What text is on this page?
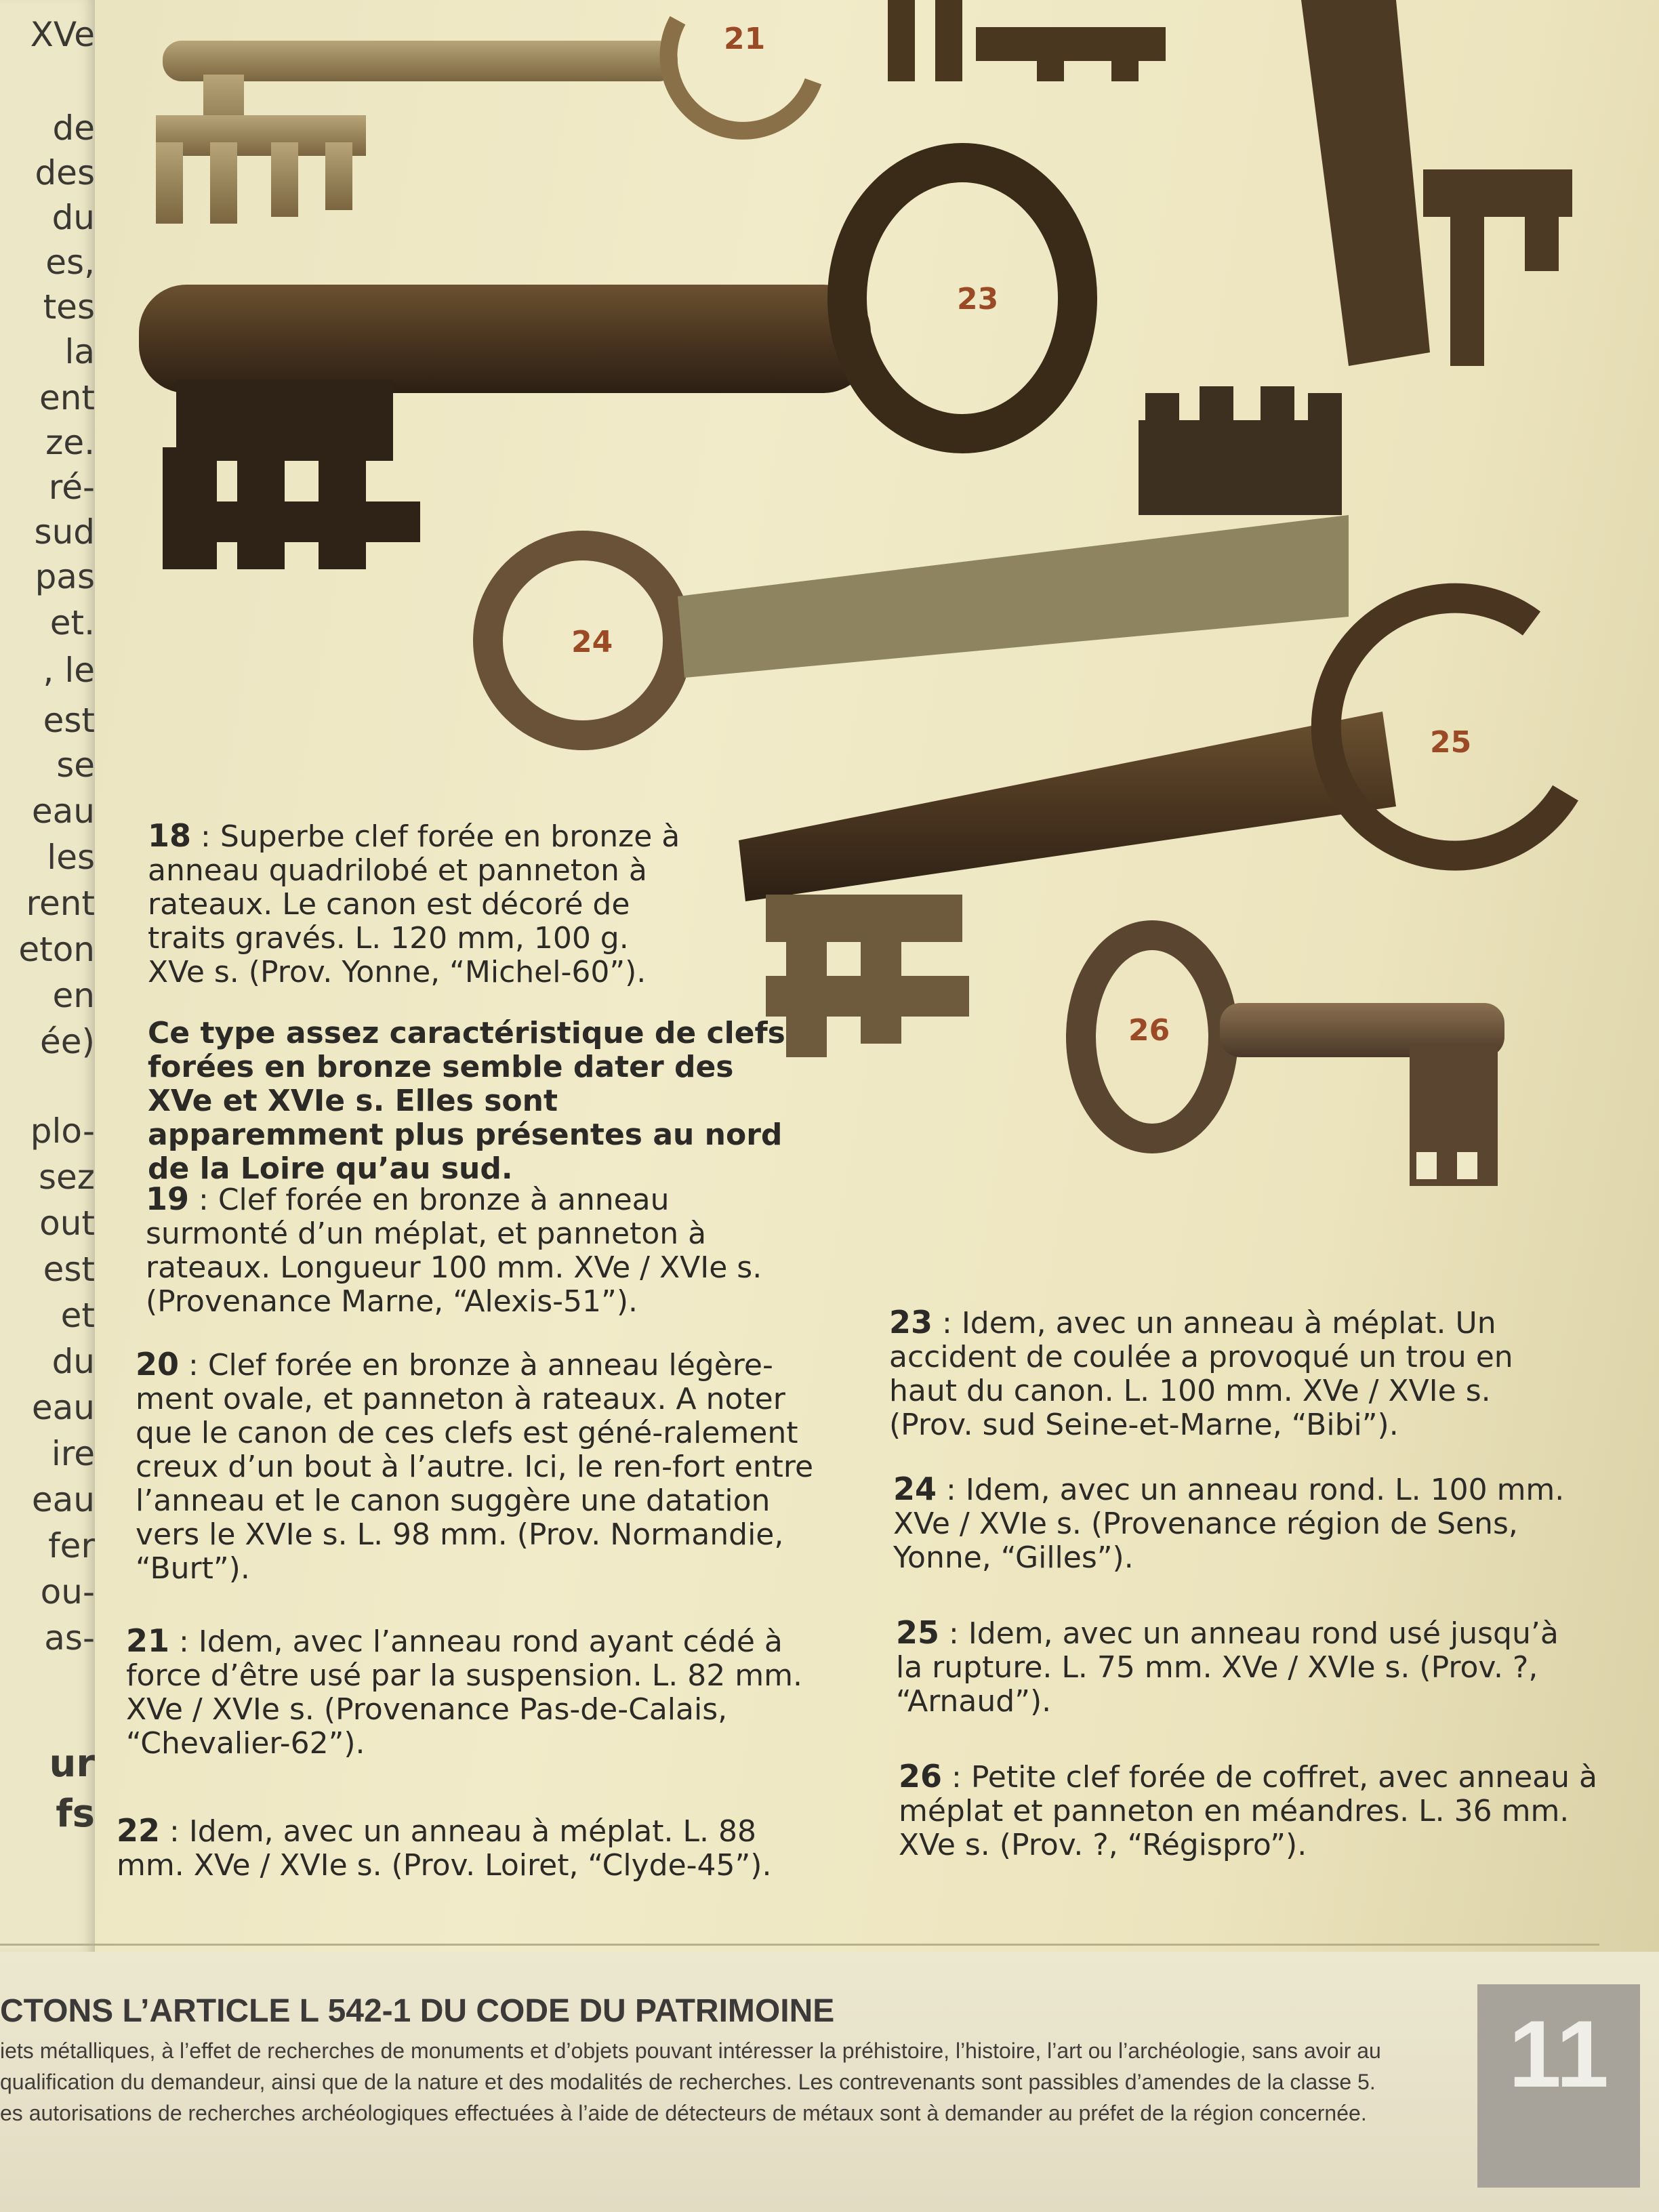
XVe
de
des
du
es,
tes
la
ent
ze.
ré-
sud
pas
et.
, le
est
se
eau
les
rent
eton
en
ée)
plo-
sez
out
est
et
du
eau
ire
eau
fer
ou-
as-
ur
fs
21
23
24
25
26
18 : Superbe clef forée en bronze à anneau quadrilobé et panneton à rateaux. Le canon est décoré de traits gravés. L. 120 mm, 100 g. XVe s. (Prov. Yonne, “Michel-60”).
Ce type assez caractéristique de clefs forées en bronze semble dater des XVe et XVIe s. Elles sont apparemment plus présentes au nord de la Loire qu’au sud.
19 : Clef forée en bronze à anneau surmonté d’un méplat, et panneton à rateaux. Longueur 100 mm. XVe / XVIe s. (Provenance Marne, “Alexis-51”).
20 : Clef forée en bronze à anneau légère-ment ovale, et panneton à rateaux. A noter que le canon de ces clefs est géné-ralement creux d’un bout à l’autre. Ici, le ren-fort entre l’anneau et le canon suggère une datation vers le XVIe s. L. 98 mm. (Prov. Normandie, “Burt”).
21 : Idem, avec l’anneau rond ayant cédé à force d’être usé par la suspension. L. 82 mm. XVe / XVIe s. (Provenance Pas-de-Calais, “Chevalier-62”).
22 : Idem, avec un anneau à méplat. L. 88 mm. XVe / XVIe s. (Prov. Loiret, “Clyde-45”).
23 : Idem, avec un anneau à méplat. Un accident de coulée a provoqué un trou en haut du canon. L. 100 mm. XVe / XVIe s. (Prov. sud Seine-et-Marne, “Bibi”).
24 : Idem, avec un anneau rond. L. 100 mm. XVe / XVIe s. (Provenance région de Sens, Yonne, “Gilles”).
25 : Idem, avec un anneau rond usé jusqu’à la rupture. L. 75 mm. XVe / XVIe s. (Prov. ?, “Arnaud”).
26 : Petite clef forée de coffret, avec anneau à méplat et panneton en méandres. L. 36 mm. XVe s. (Prov. ?, “Régispro”).
CTONS L’ARTICLE L 542-1 DU CODE DU PATRIMOINE
iets métalliques, à l’effet de recherches de monuments et d’objets pouvant intéresser la préhistoire, l’histoire, l’art ou l’archéologie, sans avoir au
qualification du demandeur, ainsi que de la nature et des modalités de recherches. Les contrevenants sont passibles d’amendes de la classe 5.
es autorisations de recherches archéologiques effectuées à l’aide de détecteurs de métaux sont à demander au préfet de la région concernée.
11
